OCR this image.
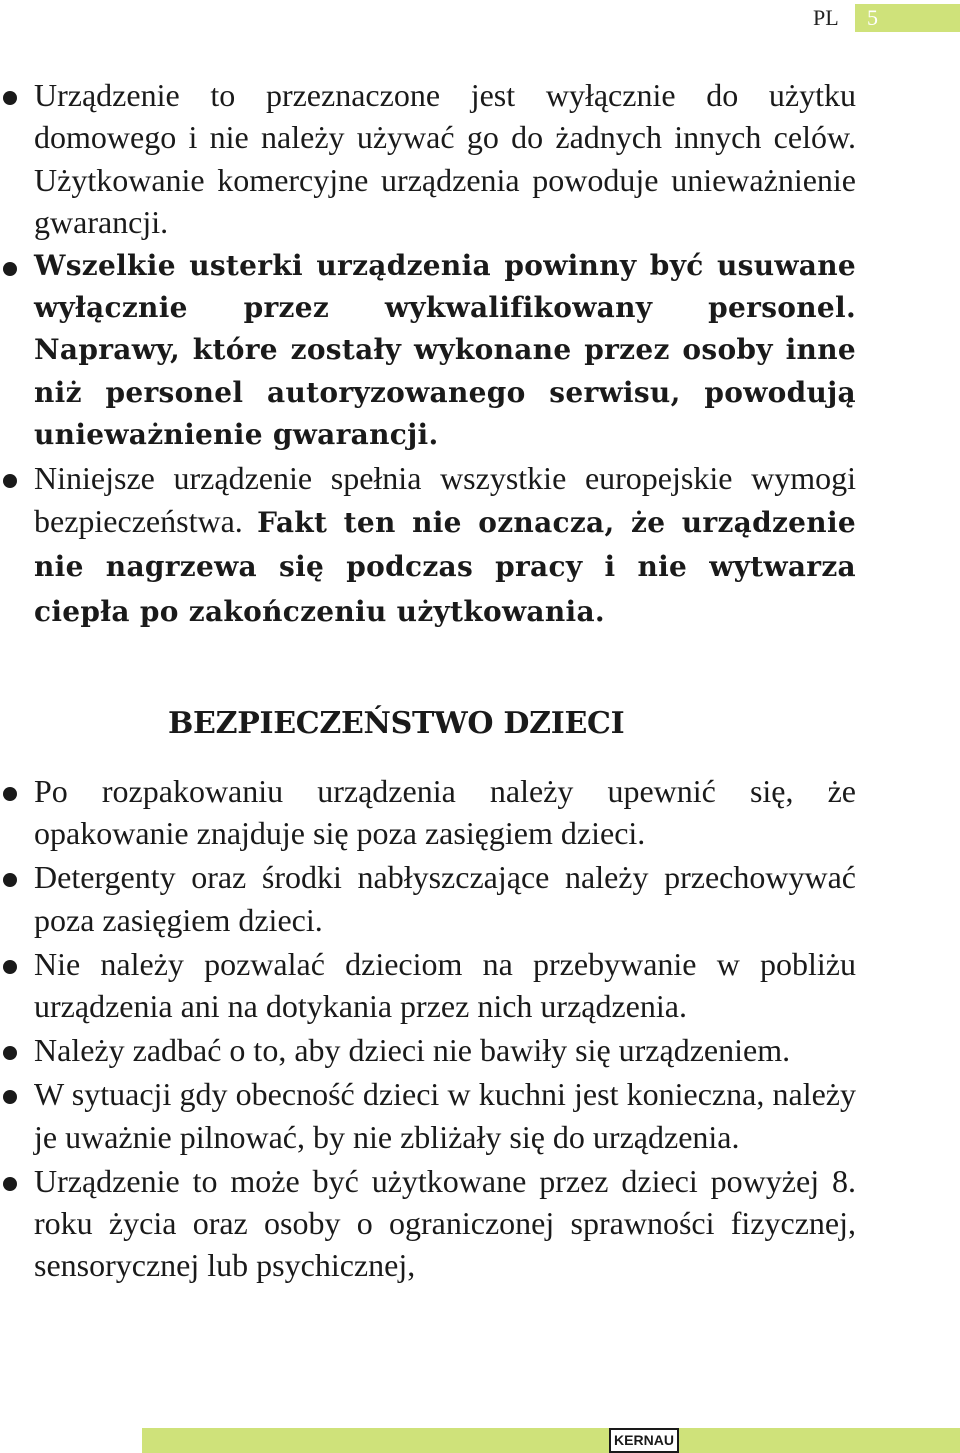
PL 5
Urządzenie to przeznaczone jest wyłącznie do użytku domowego i nie należy używać go do żadnych innych celów. Użytkowanie komercyjne urządzenia powoduje unieważnienie gwarancji.
Wszelkie usterki urządzenia powinny być usuwane wyłącznie przez wykwalifikowany personel. Naprawy, które zostały wykonane przez osoby inne niż personel autoryzowanego serwisu, powodują unieważnienie gwarancji.
Niniejsze urządzenie spełnia wszystkie europejskie wymogi bezpieczeństwa. Fakt ten nie oznacza, że urządzenie nie nagrzewa się podczas pracy i nie wytwarza ciepła po zakończeniu użytkowania.
BEZPIECZEŃSTWO DZIECI
Po rozpakowaniu urządzenia należy upewnić się, że opakowanie znajduje się poza zasięgiem dzieci.
Detergenty oraz środki nabłyszczające należy przechowywać poza zasięgiem dzieci.
Nie należy pozwalać dzieciom na przebywanie w pobliżu urządzenia ani na dotykania przez nich urządzenia.
Należy zadbać o to, aby dzieci nie bawiły się urządzeniem.
W sytuacji gdy obecność dzieci w kuchni jest konieczna, należy je uważnie pilnować, by nie zbliżały się do urządzenia.
Urządzenie to może być użytkowane przez dzieci powyżej 8. roku życia oraz osoby o ograniczonej sprawności fizycznej, sensorycznej lub psychicznej,
KERNAU
